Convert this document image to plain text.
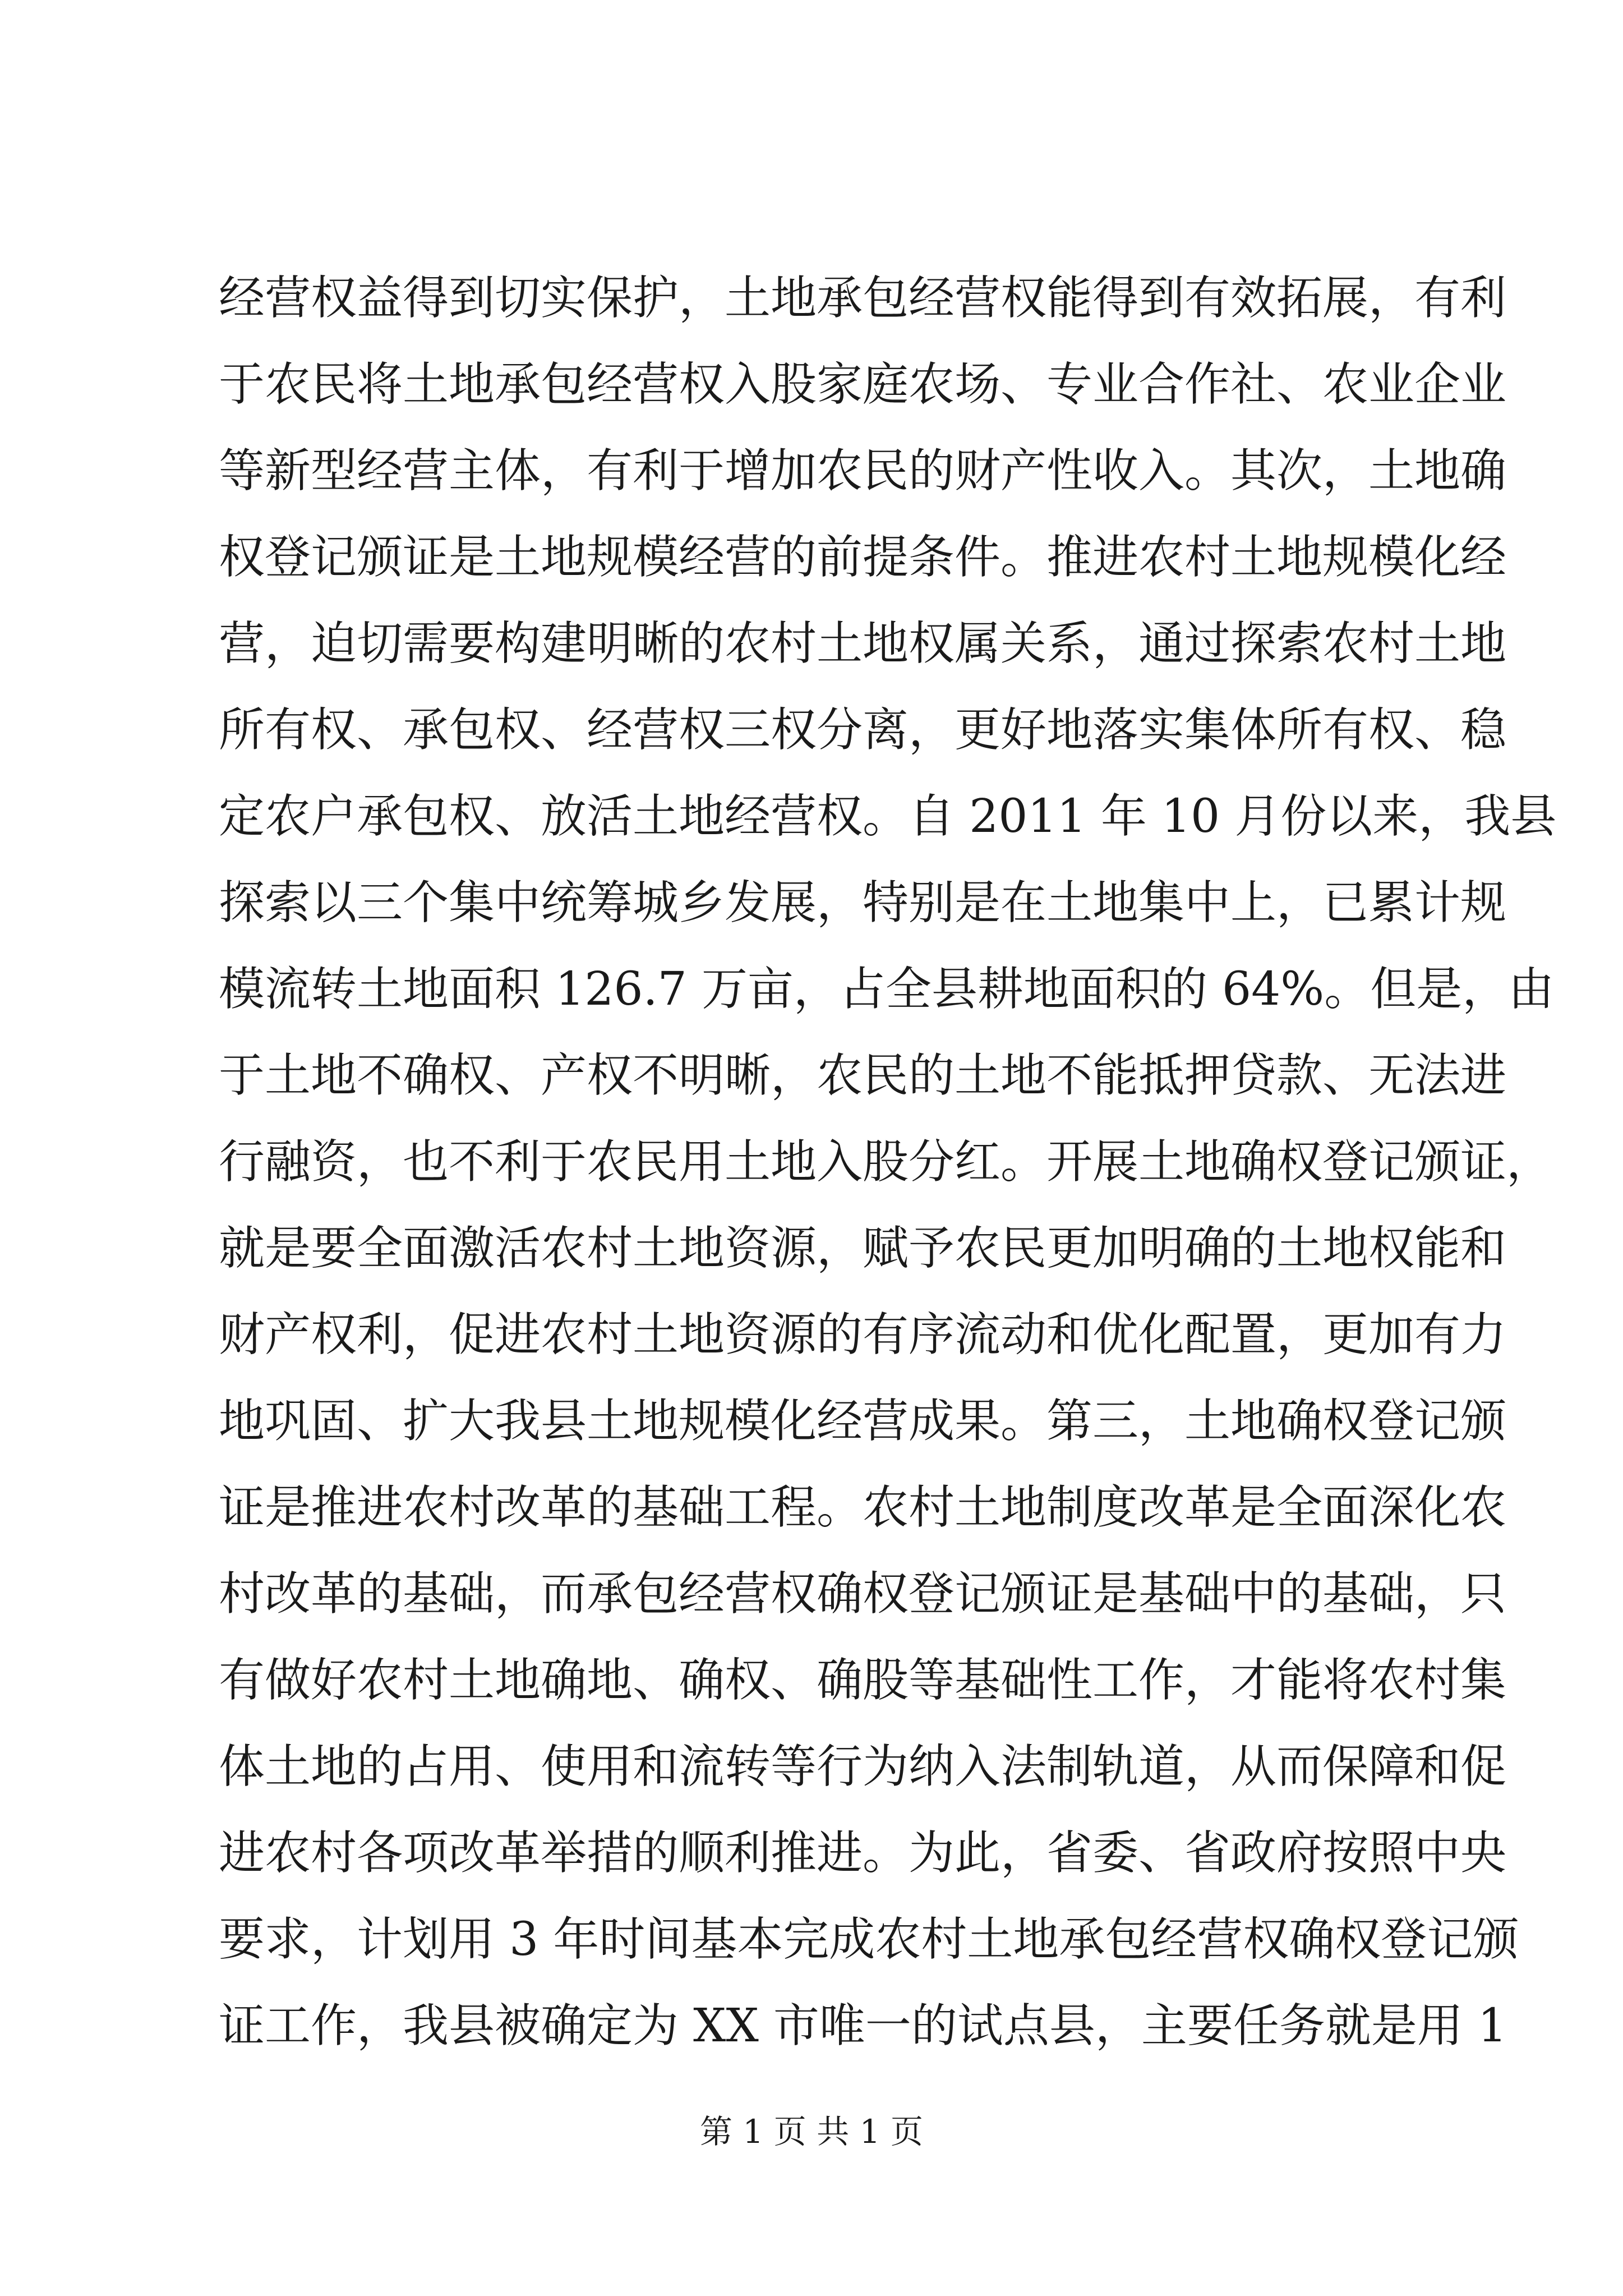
经营权益得到切实保护，土地承包经营权能得到有效拓展，有利
于农民将土地承包经营权入股家庭农场、专业合作社、农业企业
等新型经营主体，有利于增加农民的财产性收入。其次，土地确
权登记颁证是土地规模经营的前提条件。推进农村土地规模化经
营，迫切需要构建明晰的农村土地权属关系，通过探索农村土地
所有权、承包权、经营权三权分离，更好地落实集体所有权、稳
定农户承包权、放活土地经营权。自 2011 年 10 月份以来，我县
探索以三个集中统筹城乡发展，特别是在土地集中上，已累计规
模流转土地面积 126.7 万亩，占全县耕地面积的 64%。但是，由
于土地不确权、产权不明晰，农民的土地不能抵押贷款、无法进
行融资，也不利于农民用土地入股分红。开展土地确权登记颁证，
就是要全面激活农村土地资源，赋予农民更加明确的土地权能和
财产权利，促进农村土地资源的有序流动和优化配置，更加有力
地巩固、扩大我县土地规模化经营成果。第三，土地确权登记颁
证是推进农村改革的基础工程。农村土地制度改革是全面深化农
村改革的基础，而承包经营权确权登记颁证是基础中的基础，只
有做好农村土地确地、确权、确股等基础性工作，才能将农村集
体土地的占用、使用和流转等行为纳入法制轨道，从而保障和促
进农村各项改革举措的顺利推进。为此，省委、省政府按照中央
要求，计划用 3 年时间基本完成农村土地承包经营权确权登记颁
证工作，我县被确定为 XX 市唯一的试点县，主要任务就是用 1
第 1 页 共 1 页
